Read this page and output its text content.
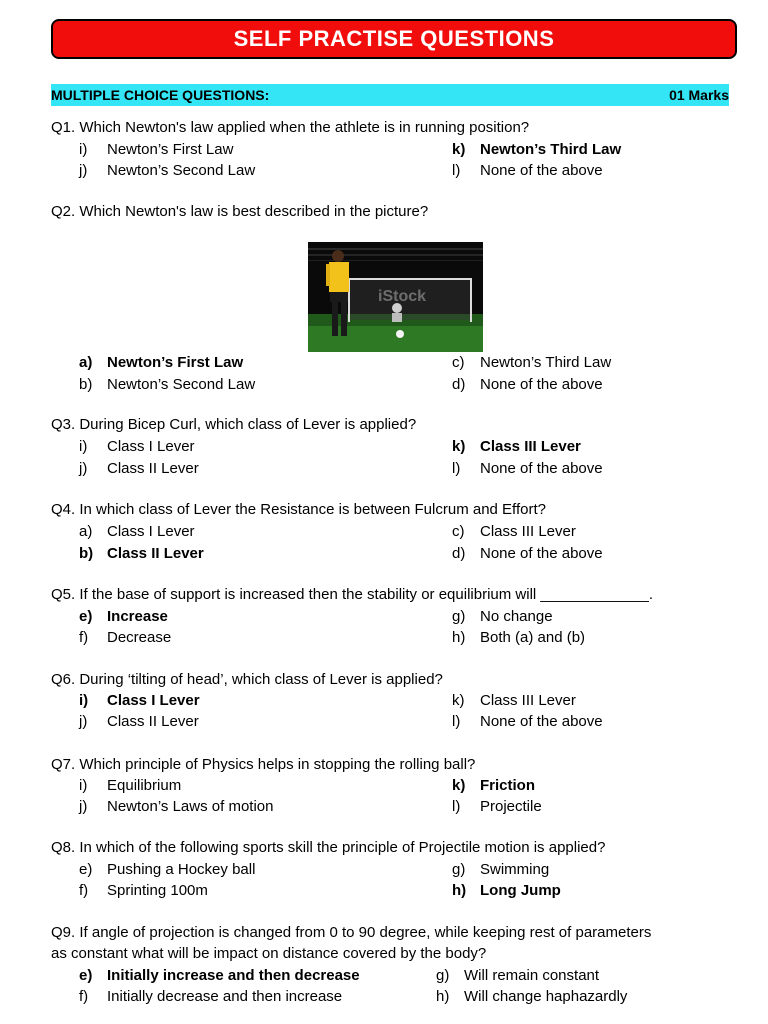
SELF PRACTISE QUESTIONS
MULTIPLE CHOICE QUESTIONS:	01 Marks
Q1. Which Newton's law applied when the athlete is in running position?
i) Newton’s First Law	k) Newton’s Third Law
j) Newton’s Second Law	l) None of the above
Q2. Which Newton's law is best described in the picture?
iStock
a) Newton’s First Law	c) Newton’s Third Law
b) Newton’s Second Law	d) None of the above
Q3. During Bicep Curl, which class of Lever is applied?
i) Class I Lever	k) Class III Lever
j) Class II Lever	l) None of the above
Q4. In which class of Lever the Resistance is between Fulcrum and Effort?
a) Class I Lever	c) Class III Lever
b) Class II Lever	d) None of the above
Q5. If the base of support is increased then the stability or equilibrium will _____________.
e) Increase	g) No change
f) Decrease	h) Both (a) and (b)
Q6. During ‘tilting of head’, which class of Lever is applied?
i) Class I Lever	k) Class III Lever
j) Class II Lever	l) None of the above
Q7. Which principle of Physics helps in stopping the rolling ball?
i) Equilibrium	k) Friction
j) Newton’s Laws of motion	l) Projectile
Q8. In which of the following sports skill the principle of Projectile motion is applied?
e) Pushing a Hockey ball	g) Swimming
f) Sprinting 100m	h) Long Jump
Q9. If angle of projection is changed from 0 to 90 degree, while keeping rest of parameters
as constant what will be impact on distance covered by the body?
e) Initially increase and then decrease	g) Will remain constant
f) Initially decrease and then increase	h) Will change haphazardly
